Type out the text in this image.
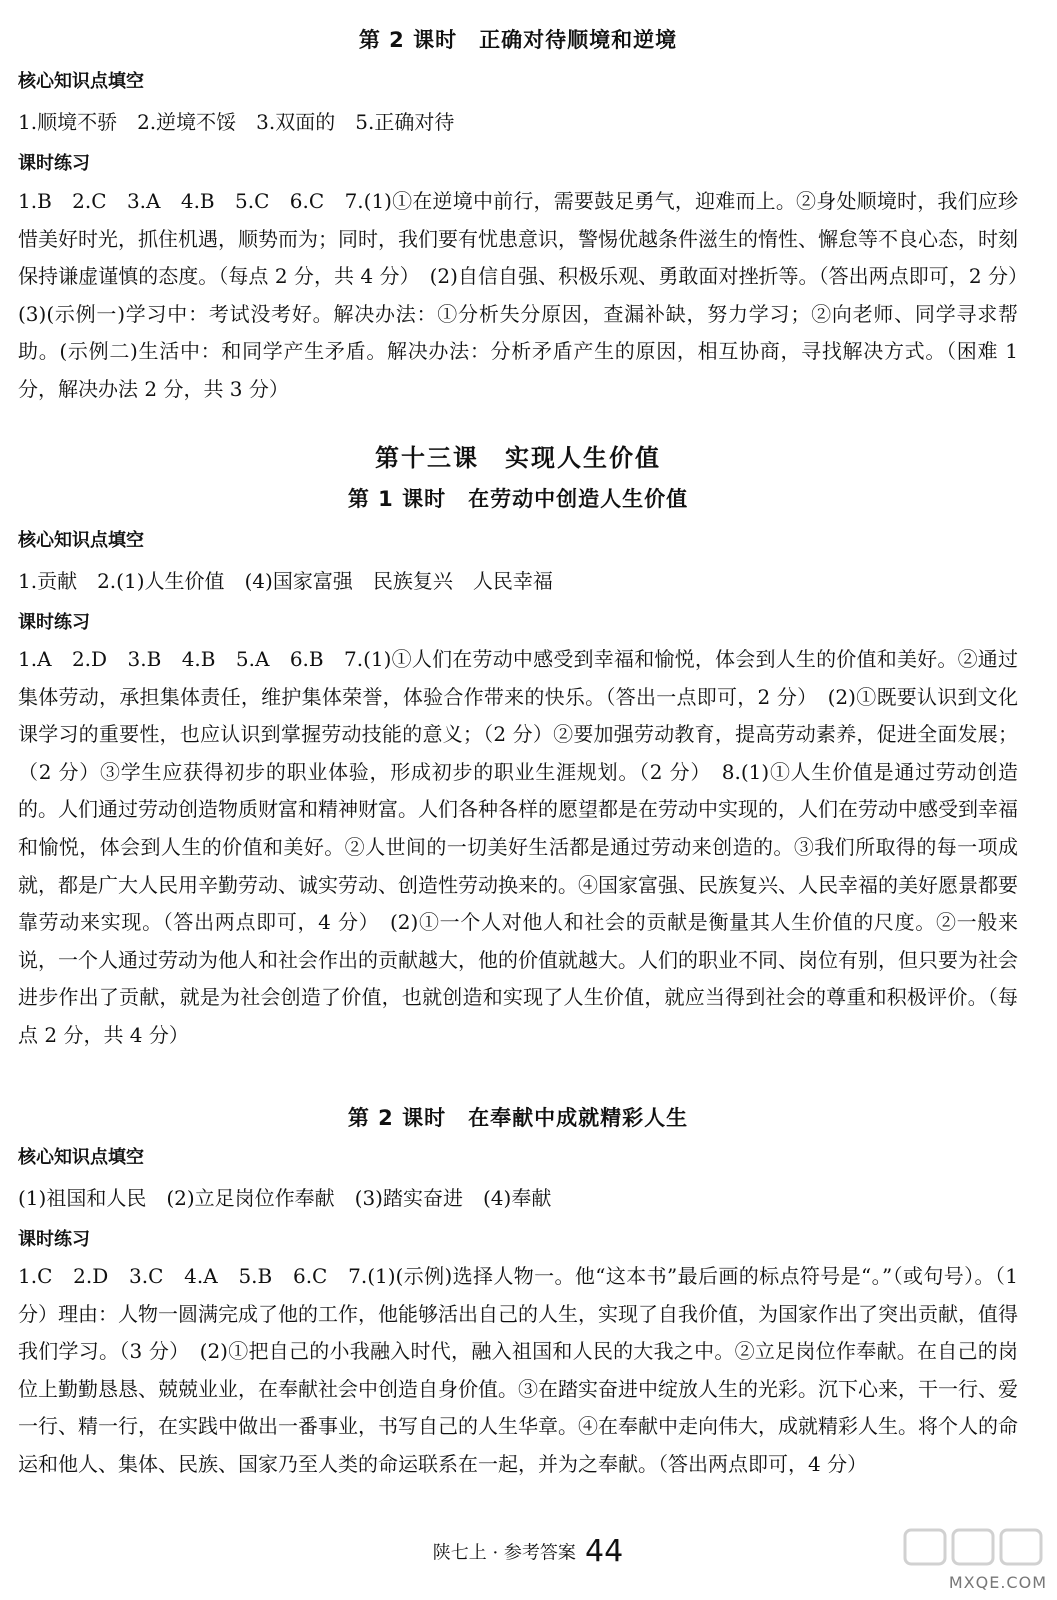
第 2 课时　正确对待顺境和逆境
核心知识点填空
1.顺境不骄　2.逆境不馁　3.双面的　5.正确对待
课时练习
1.B　2.C　3.A　4.B　5.C　6.C　7.(1)①在逆境中前行，需要鼓足勇气，迎难而上。②身处顺境时，我们应珍惜美好时光，抓住机遇，顺势而为；同时，我们要有忧患意识，警惕优越条件滋生的惰性、懈怠等不良心态，时刻保持谦虚谨慎的态度。（每点 2 分，共 4 分）　(2)自信自强、积极乐观、勇敢面对挫折等。（答出两点即可，2 分）　(3)(示例一)学习中：考试没考好。解决办法：①分析失分原因，查漏补缺，努力学习；②向老师、同学寻求帮助。(示例二)生活中：和同学产生矛盾。解决办法：分析矛盾产生的原因，相互协商，寻找解决方式。（困难 1 分，解决办法 2 分，共 3 分）
第十三课　实现人生价值
第 1 课时　在劳动中创造人生价值
核心知识点填空
1.贡献　2.(1)人生价值　(4)国家富强　民族复兴　人民幸福
课时练习
1.A　2.D　3.B　4.B　5.A　6.B　7.(1)①人们在劳动中感受到幸福和愉悦，体会到人生的价值和美好。②通过集体劳动，承担集体责任，维护集体荣誉，体验合作带来的快乐。（答出一点即可，2 分）　(2)①既要认识到文化课学习的重要性，也应认识到掌握劳动技能的意义；（2 分）②要加强劳动教育，提高劳动素养，促进全面发展；（2 分）③学生应获得初步的职业体验，形成初步的职业生涯规划。（2 分）　8.(1)①人生价值是通过劳动创造的。人们通过劳动创造物质财富和精神财富。人们各种各样的愿望都是在劳动中实现的，人们在劳动中感受到幸福和愉悦，体会到人生的价值和美好。②人世间的一切美好生活都是通过劳动来创造的。③我们所取得的每一项成就，都是广大人民用辛勤劳动、诚实劳动、创造性劳动换来的。④国家富强、民族复兴、人民幸福的美好愿景都要靠劳动来实现。（答出两点即可，4 分）　(2)①一个人对他人和社会的贡献是衡量其人生价值的尺度。②一般来说，一个人通过劳动为他人和社会作出的贡献越大，他的价值就越大。人们的职业不同、岗位有别，但只要为社会进步作出了贡献，就是为社会创造了价值，也就创造和实现了人生价值，就应当得到社会的尊重和积极评价。（每点 2 分，共 4 分）
第 2 课时　在奉献中成就精彩人生
核心知识点填空
(1)祖国和人民　(2)立足岗位作奉献　(3)踏实奋进　(4)奉献
课时练习
1.C　2.D　3.C　4.A　5.B　6.C　7.(1)(示例)选择人物一。他“这本书”最后画的标点符号是“。”（或句号）。（1 分）理由：人物一圆满完成了他的工作，他能够活出自己的人生，实现了自我价值，为国家作出了突出贡献，值得我们学习。（3 分）　(2)①把自己的小我融入时代，融入祖国和人民的大我之中。②立足岗位作奉献。在自己的岗位上勤勤恳恳、兢兢业业，在奉献社会中创造自身价值。③在踏实奋进中绽放人生的光彩。沉下心来，干一行、爱一行、精一行，在实践中做出一番事业，书写自己的人生华章。④在奉献中走向伟大，成就精彩人生。将个人的命运和他人、集体、民族、国家乃至人类的命运联系在一起，并为之奉献。（答出两点即可，4 分）
陕七上 · 参考答案 44
MXQE.COM
